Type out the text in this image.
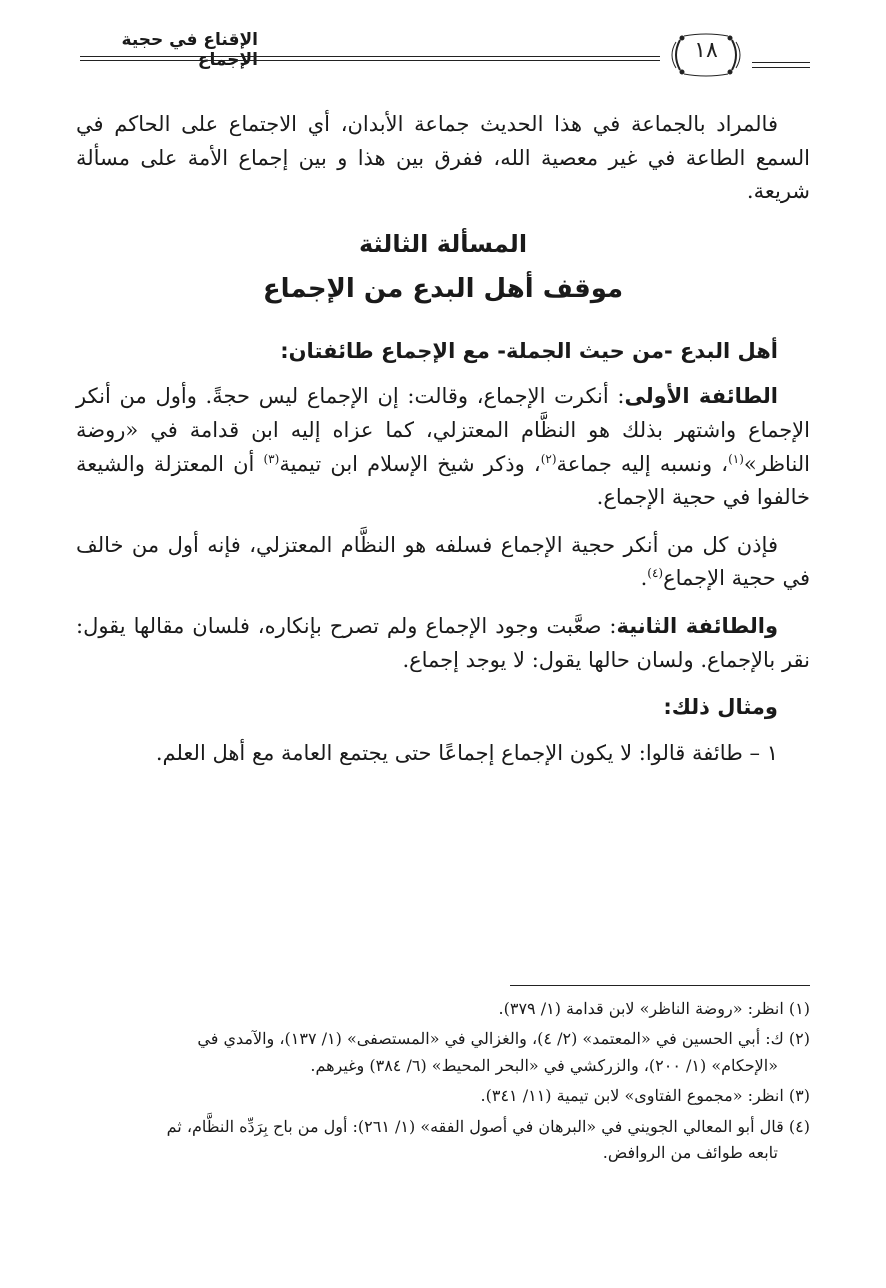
الإقناع في حجية الإجماع	١٨

فالمراد بالجماعة في هذا الحديث جماعة الأبدان، أي الاجتماع على الحاكم في السمع الطاعة في غير معصية الله، ففرق بين هذا و بين إجماع الأمة على مسألة شريعة.

المسألة الثالثة
موقف أهل البدع من الإجماع

أهل البدع -من حيث الجملة- مع الإجماع طائفتان:

الطائفة الأولى: أنكرت الإجماع، وقالت: إن الإجماع ليس حجةً. وأول من أنكر الإجماع واشتهر بذلك هو النظَّام المعتزلي، كما عزاه إليه ابن قدامة في «روضة الناظر»$^{(١)}$، ونسبه إليه جماعة$^{(٢)}$، وذكر شيخ الإسلام ابن تيمية$^{(٣)}$ أن المعتزلة والشيعة خالفوا في حجية الإجماع.

فإذن كل من أنكر حجية الإجماع فسلفه هو النظَّام المعتزلي، فإنه أول من خالف في حجية الإجماع$^{(٤)}$.

والطائفة الثانية: صعَّبت وجود الإجماع ولم تصرح بإنكاره، فلسان مقالها يقول: نقر بالإجماع. ولسان حالها يقول: لا يوجد إجماع.

ومثال ذلك:

١ – طائفة قالوا: لا يكون الإجماع إجماعًا حتى يجتمع العامة مع أهل العلم.

(١) انظر: «روضة الناظر» لابن قدامة (١/ ٣٧٩).
(٢) ك: أبي الحسين في «المعتمد» (٢/ ٤)، والغزالي في «المستصفى» (١/ ١٣٧)، والآمدي في
«الإحكام» (١/ ٢٠٠)، والزركشي في «البحر المحيط» (٦/ ٣٨٤) وغيرهم.
(٣) انظر: «مجموع الفتاوى» لابن تيمية (١١/ ٣٤١).
(٤) قال أبو المعالي الجويني في «البرهان في أصول الفقه» (١/ ٢٦١): أول من باح بِرَدِّه النظَّام، ثم
تابعه طوائف من الروافض.
